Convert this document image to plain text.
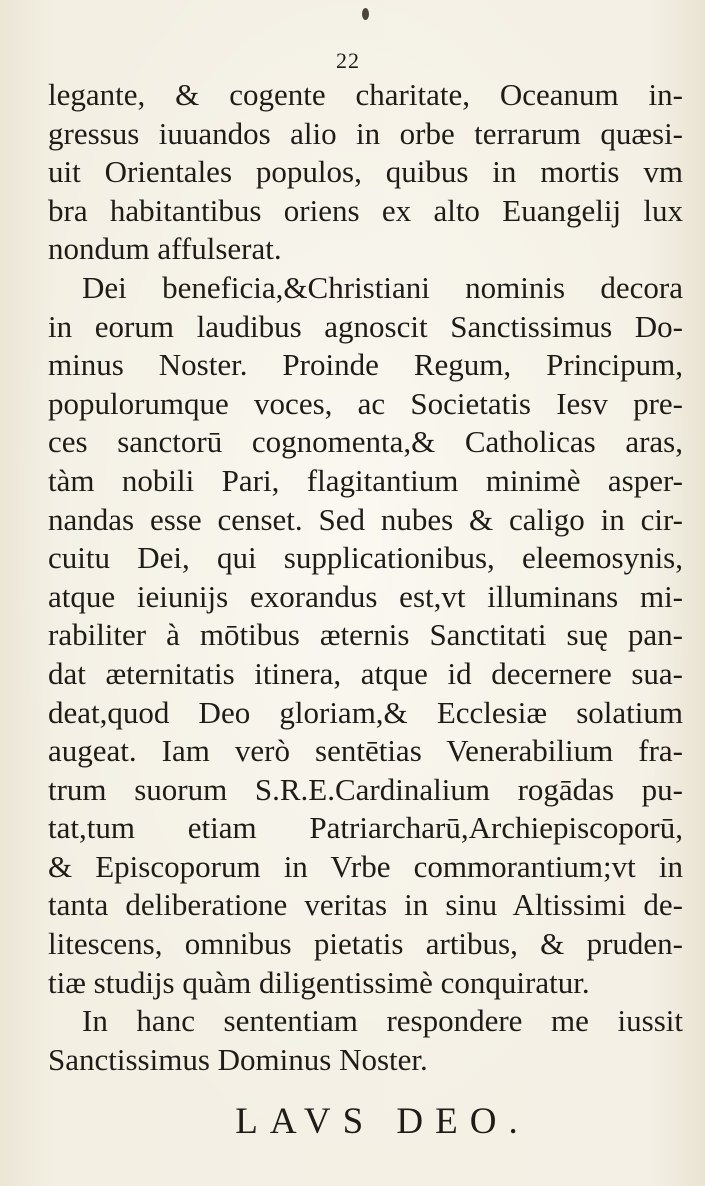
22
legante, & cogente charitate, Oceanum in-
gressus iuuandos alio in orbe terrarum quæsi-
uit Orientales populos, quibus in mortis vm
bra habitantibus oriens ex alto Euangelij lux
nondum affulserat.
Dei beneficia,&Christiani nominis decora
in eorum laudibus agnoscit Sanctissimus Do-
minus Noster. Proinde Regum, Principum,
populorumque voces, ac Societatis Iesv pre-
ces sanctorū cognomenta,& Catholicas aras,
tàm nobili Pari, flagitantium minimè asper-
nandas esse censet. Sed nubes & caligo in cir-
cuitu Dei, qui supplicationibus, eleemosynis,
atque ieiunijs exorandus est,vt illuminans mi-
rabiliter à mōtibus æternis Sanctitati suę pan-
dat æternitatis itinera, atque id decernere sua-
deat,quod Deo gloriam,& Ecclesiæ solatium
augeat. Iam verò sentētias Venerabilium fra-
trum suorum S.R.E.Cardinalium rogādas pu-
tat,tum etiam Patriarcharū,Archiepiscoporū,
& Episcoporum in Vrbe commorantium;vt in
tanta deliberatione veritas in sinu Altissimi de-
litescens, omnibus pietatis artibus, & pruden-
tiæ studijs quàm diligentissimè conquiratur.
In hanc sententiam respondere me iussit
Sanctissimus Dominus Noster.
LAVS DEO.
